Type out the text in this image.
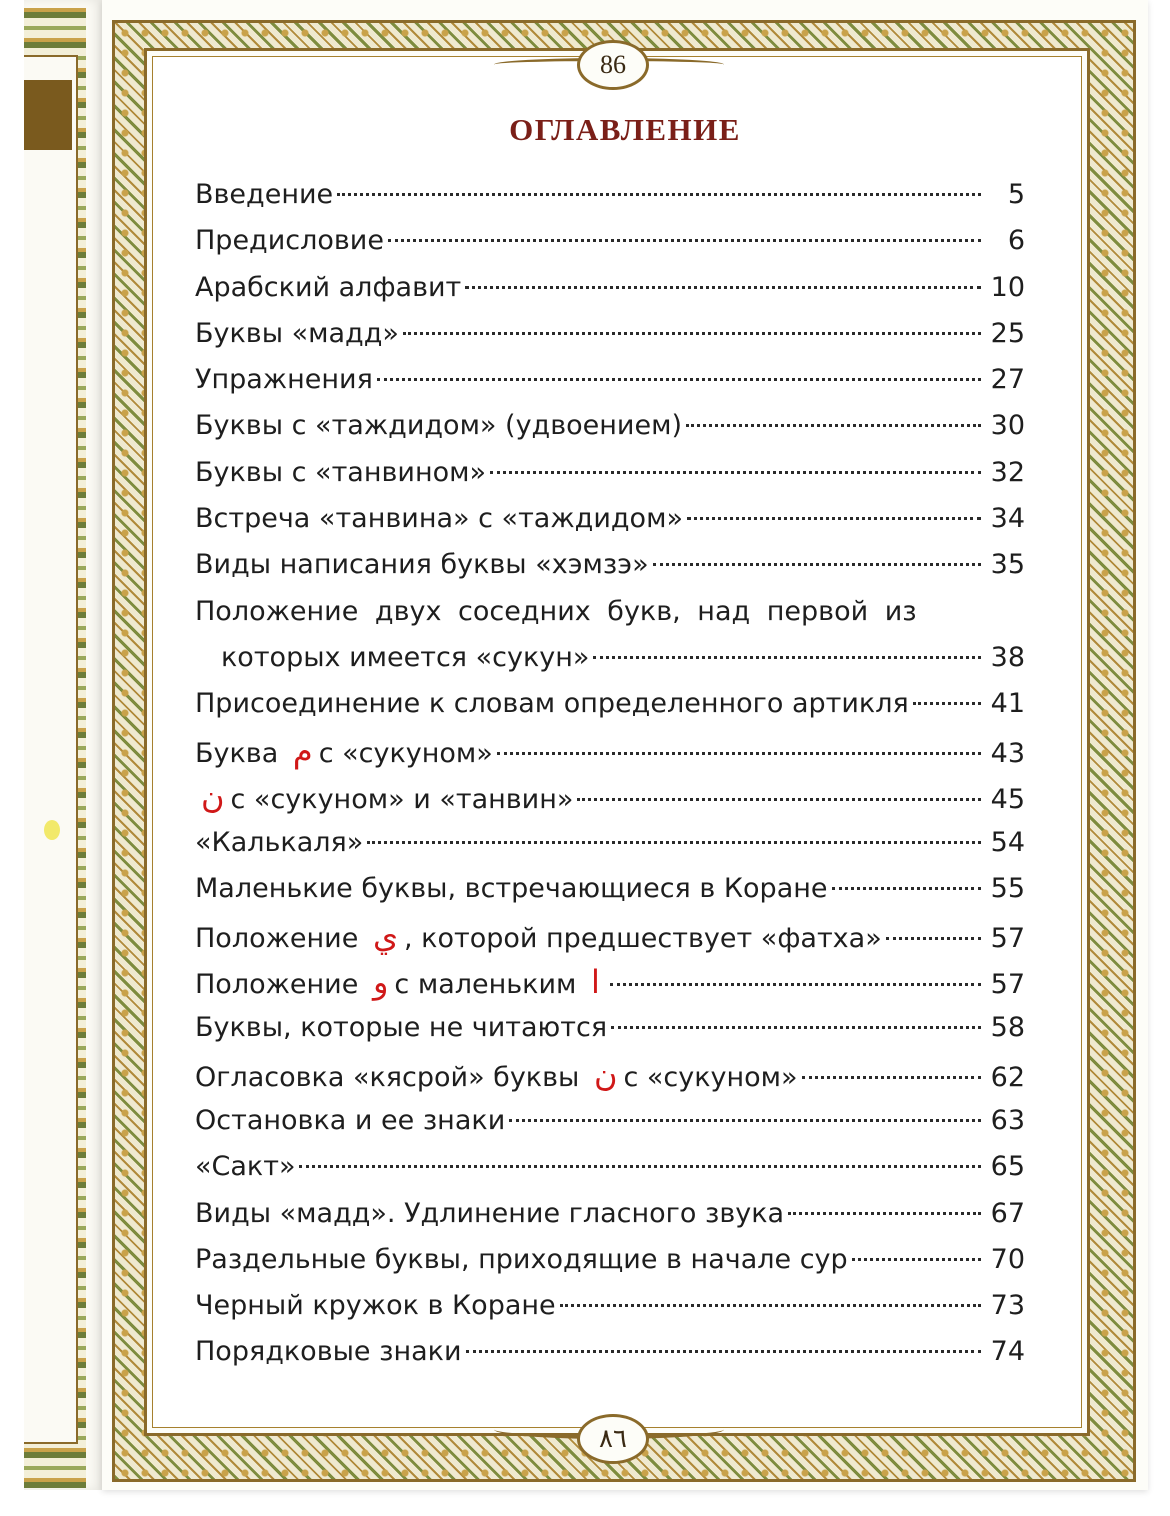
86
٨٦
ОГЛАВЛЕНИЕ
Введение	5
Предисловие	6
Арабский алфавит	10
Буквы «мадд»	25
Упражнения	27
Буквы с «таждидом» (удвоением)	30
Буквы с «танвином»	32
Встреча «танвина» с «таждидом»	34
Виды написания буквы «хэмзэ»	35
Положение двух соседних букв, над первой из
которых имеется «сукун»	38
Присоединение к словам определенного артикля	41
Буква م с «сукуном»	43
ن с «сукуном» и «танвин»	45
«Калькаля»	54
Маленькие буквы, встречающиеся в Коране	55
Положение ي , которой предшествует «фатха»	57
Положение و с маленьким ا	57
Буквы, которые не читаются	58
Огласовка «кясрой» буквы ن с «сукуном»	62
Остановка и ее знаки	63
«Сакт»	65
Виды «мадд». Удлинение гласного звука	67
Раздельные буквы, приходящие в начале сур	70
Черный кружок в Коране	73
Порядковые знаки	74
